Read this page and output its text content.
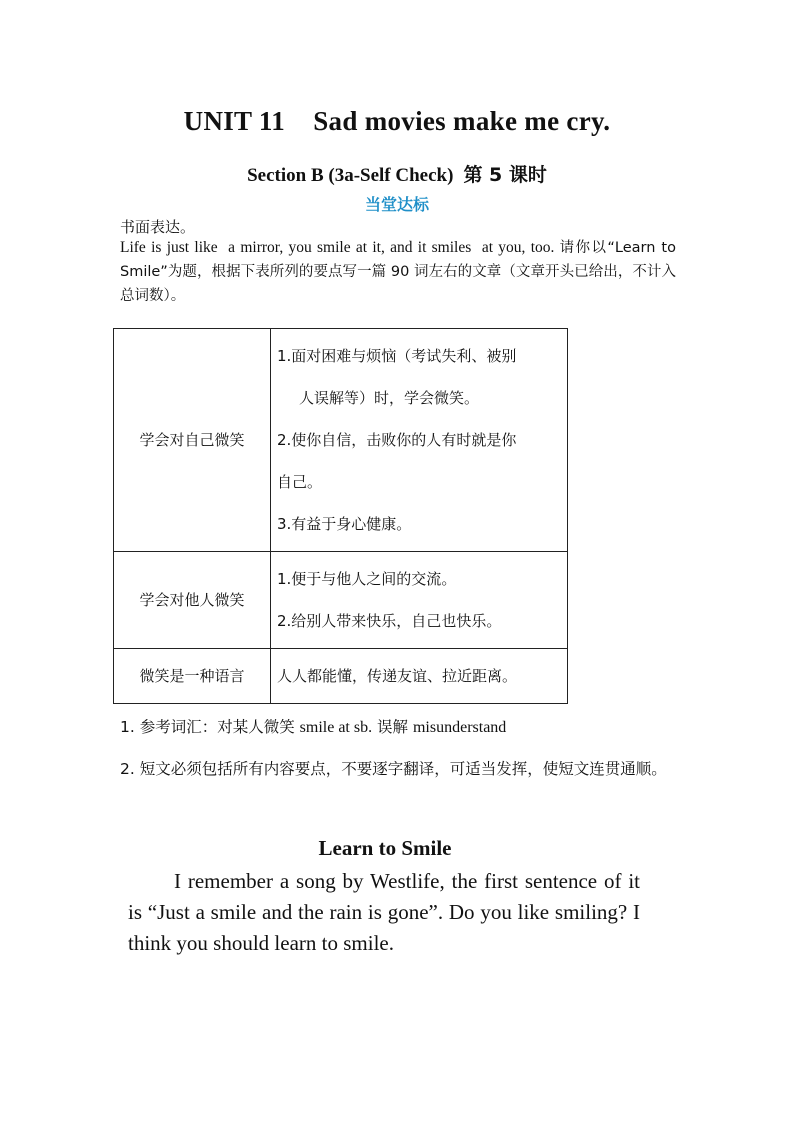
UNIT 11    Sad movies make me cry.
Section B (3a-Self Check) 第 5 课时
当堂达标
书面表达。
Life is just like  a mirror, you smile at it, and it smiles  at you, too. 请你以“Learn to Smile”为题，根据下表所列的要点写一篇 90 词左右的文章（文章开头已给出，不计入总词数）。
学会对自己微笑	1.面对困难与烦恼（考试失利、被别
人误解等）时，学会微笑。
2.使你自信，击败你的人有时就是你
自己。
3.有益于身心健康。

学会对他人微笑	1.便于与他人之间的交流。
2.给别人带来快乐，自己也快乐。

微笑是一种语言	人人都能懂，传递友谊、拉近距离。
1. 参考词汇：对某人微笑 smile at sb. 误解 misunderstand
2. 短文必须包括所有内容要点，不要逐字翻译，可适当发挥，使短文连贯通顺。
Learn to Smile
I remember a song by Westlife, the first sentence of it is “Just a smile and the rain is gone”. Do you like smiling? I think you should learn to smile.
